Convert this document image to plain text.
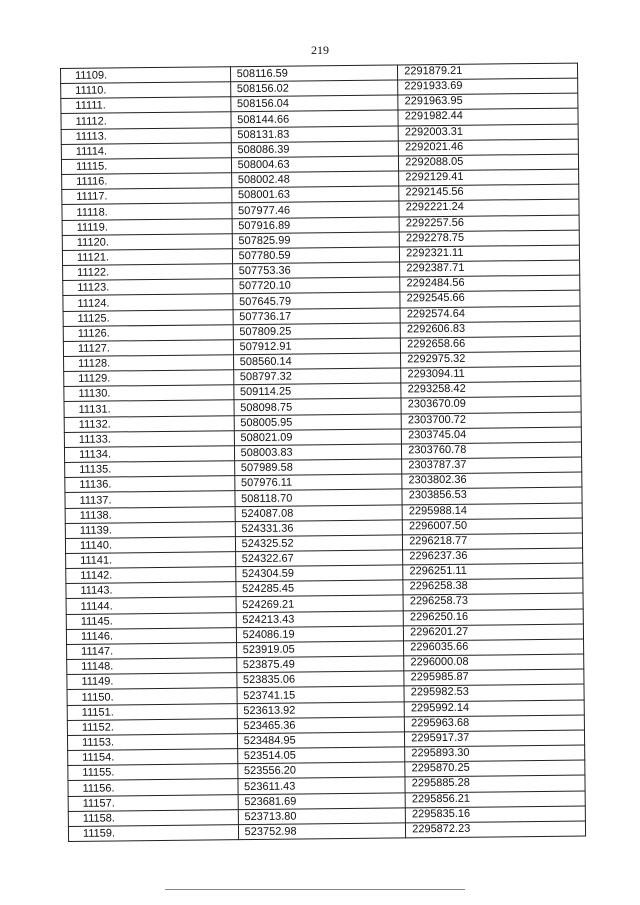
219
11109.	508116.59	2291879.21
11110.	508156.02	2291933.69
11111.	508156.04	2291963.95
11112.	508144.66	2291982.44
11113.	508131.83	2292003.31
11114.	508086.39	2292021.46
11115.	508004.63	2292088.05
11116.	508002.48	2292129.41
11117.	508001.63	2292145.56
11118.	507977.46	2292221.24
11119.	507916.89	2292257.56
11120.	507825.99	2292278.75
11121.	507780.59	2292321.11
11122.	507753.36	2292387.71
11123.	507720.10	2292484.56
11124.	507645.79	2292545.66
11125.	507736.17	2292574.64
11126.	507809.25	2292606.83
11127.	507912.91	2292658.66
11128.	508560.14	2292975.32
11129.	508797.32	2293094.11
11130.	509114.25	2293258.42
11131.	508098.75	2303670.09
11132.	508005.95	2303700.72
11133.	508021.09	2303745.04
11134.	508003.83	2303760.78
11135.	507989.58	2303787.37
11136.	507976.11	2303802.36
11137.	508118.70	2303856.53
11138.	524087.08	2295988.14
11139.	524331.36	2296007.50
11140.	524325.52	2296218.77
11141.	524322.67	2296237.36
11142.	524304.59	2296251.11
11143.	524285.45	2296258.38
11144.	524269.21	2296258.73
11145.	524213.43	2296250.16
11146.	524086.19	2296201.27
11147.	523919.05	2296035.66
11148.	523875.49	2296000.08
11149.	523835.06	2295985.87
11150.	523741.15	2295982.53
11151.	523613.92	2295992.14
11152.	523465.36	2295963.68
11153.	523484.95	2295917.37
11154.	523514.05	2295893.30
11155.	523556.20	2295870.25
11156.	523611.43	2295885.28
11157.	523681.69	2295856.21
11158.	523713.80	2295835.16
11159.	523752.98	2295872.23
